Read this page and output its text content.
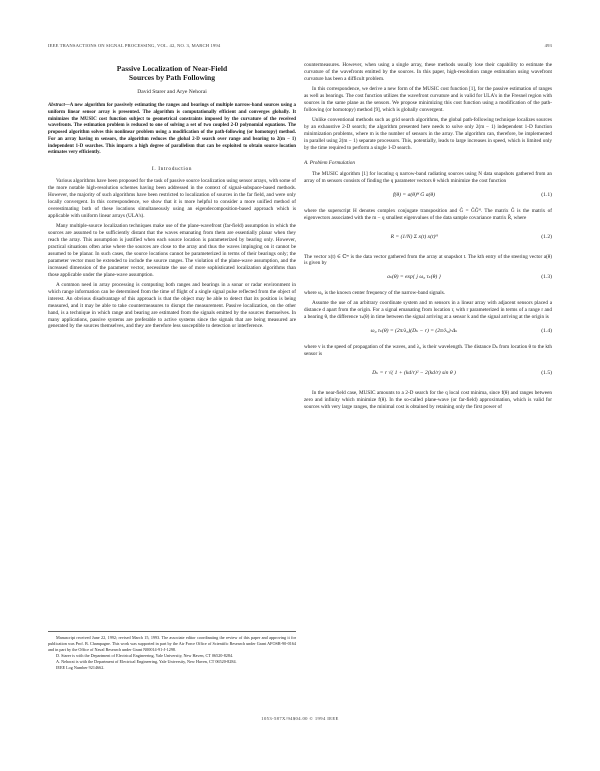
IEEE TRANSACTIONS ON SIGNAL PROCESSING, VOL. 42, NO. 3, MARCH 1994	493
Passive Localization of Near-Field
Sources by Path Following
David Starer and Arye Nehorai
Abstract—A new algorithm for passively estimating the ranges and bearings of multiple narrow-band sources using a uniform linear sensor array is presented. The algorithm is computationally efficient and converges globally. It minimizes the MUSIC cost function subject to geometrical constraints imposed by the curvature of the received wavefronts. The estimation problem is reduced to one of solving a set of two coupled 2-D polynomial equations. The proposed algorithm solves this nonlinear problem using a modification of the path-following (or homotopy) method. For an array having m sensors, the algorithm reduces the global 2-D search over range and bearing to 2(m − 1) independent 1-D searches. This imparts a high degree of parallelism that can be exploited to obtain source location estimates very efficiently.
I. Introduction

Various algorithms have been proposed for the task of passive source localization using sensor arrays, with some of the more notable high-resolution schemes having been addressed in the context of signal-subspace-based methods. However, the majority of such algorithms have been restricted to localization of sources in the far field, and were only locally convergent. In this correspondence, we show that it is more helpful to consider a more unified method of overestimating both of these locations simultaneously using an eigendecomposition-based approach which is applicable with uniform linear arrays (ULA's).

Many multiple-source localization techniques make use of the plane-wavefront (far-field) assumption in which the sources are assumed to be sufficiently distant that the waves emanating from them are essentially planar when they reach the array. This assumption is justified when each source location is parameterized by bearing only. However, practical situations often arise where the sources are close to the array and thus the waves impinging on it cannot be assumed to be planar. In such cases, the source locations cannot be parameterized in terms of their bearings only; the parameter vector must be extended to include the source ranges. The violation of the plane-wave assumption, and the increased dimension of the parameter vector, necessitate the use of more sophisticated localization algorithms than those applicable under the plane-wave assumption.

A common need in array processing is computing both ranges and bearings in a sonar or radar environment in which range information can be determined from the time of flight of a single signal pulse reflected from the object of interest. An obvious disadvantage of this approach is that the object may be able to detect that its position is being measured, and it may be able to take countermeasures to disrupt the measurement. Passive localization, on the other hand, is a technique in which range and bearing are estimated from the signals emitted by the sources themselves. In many applications, passive systems are preferable to active systems since the signals that are being measured are generated by the sources themselves, and they are therefore less susceptible to detection or interference.

Manuscript received June 22, 1992; revised March 15, 1993. The associate editor coordinating the review of this paper and approving it for publication was Prof. B. Champagne. This work was supported in part by the Air Force Office of Scientific Research under Grant AFOSR-90-0164 and in part by the Office of Naval Research under Grant N00014-91-J-1298.

D. Starer is with the Department of Electrical Engineering, Yale University, New Haven, CT 06520-8284.

A. Nehorai is with the Department of Electrical Engineering, Yale University, New Haven, CT 06520-8284.

IEEE Log Number 9214662.

countermeasures. However, when using a single array, these methods usually lose their capability to estimate the curvature of the wavefronts emitted by the sources. In this paper, high-resolution range estimation using wavefront curvature has been a difficult problem.

In this correspondence, we derive a new form of the MUSIC cost function [1], for the passive estimation of ranges as well as bearings. The cost function utilizes the wavefront curvature and is valid for ULA's in the Fresnel region with sources in the same plane as the sensors. We propose minimizing this cost function using a modification of the path-following (or homotopy) method [9], which is globally convergent.

Unlike conventional methods such as grid search algorithms, the global path-following technique localizes sources by an exhaustive 2-D search; the algorithm presented here needs to solve only 2(m − 1) independent 1-D function minimization problems, where m is the number of sensors in the array. The algorithm can, therefore, be implemented in parallel using 2(m − 1) separate processors. This, potentially, leads to large increases in speed, which is limited only by the time required to perform a single 1-D search.

A. Problem Formulation

The MUSIC algorithm [1] for locating q narrow-band radiating sources using N data snapshots gathered from an array of m sensors consists of finding the q parameter vectors θ which minimize the cost function

f(θ) = a(θ)ᴴ Ĝ a(θ)	(1.1)

where the superscript H denotes complex conjugate transposition and Ĝ = ĜĜᴴ. The matrix Ĝ is the matrix of eigenvectors associated with the m − q smallest eigenvalues of the data sample covariance matrix R̂, where

R̂ = (1/N) Σ x(t) x(t)ᴴ	(1.2)

The vector x(t) ∈ ℂᵐ is the data vector gathered from the array at snapshot t. The kth entry of the steering vector a(θ) is given by

aₖ(θ) = exp{ j ω₀ τₖ(θ) }	(1.3)

where ω₀ is the known center frequency of the narrow-band signals.

Assume the use of an arbitrary coordinate system and m sensors in a linear array with adjacent sensors placed a distance d apart from the origin. For a signal emanating from location r, with r parameterized in terms of a range r and a bearing θ, the difference τₖ(θ) in time between the signal arriving at a sensor k and the signal arriving at the origin is

ω₀ τₖ(θ) = (2π/λ₀)(Dₖ − r) = (2π/λ₀)·Δₖ	(1.4)

where v is the speed of propagation of the waves, and λ₀ is their wavelength. The distance Dₖ from location θ to the kth sensor is

Dₖ = r √( 1 + (kd/r)² − 2(kd/r) sin θ )	(1.5)

In the near-field case, MUSIC amounts to a 2-D search for the q local cost minima, since f(θ) and ranges between zero and infinity which minimize f(θ). In the so-called plane-wave (or far-field) approximation, which is valid for sources with very large ranges, the minimal cost is obtained by retaining only the first power of

1053-587X/94$04.00 © 1994 IEEE
